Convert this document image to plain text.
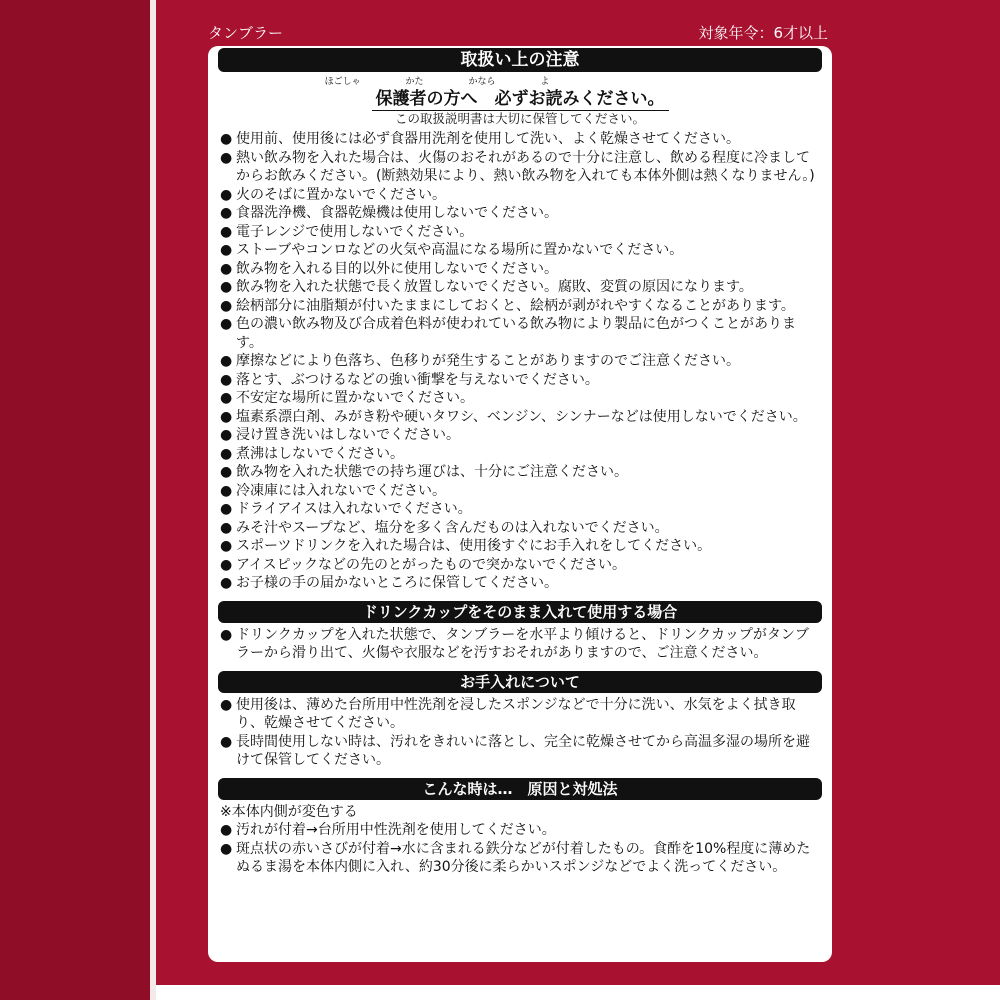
タンブラー	対象年令：6才以上
取扱い上の注意
ほごしゃ	かた	かなら	よ
保護者の方へ　必ずお読みください。
この取扱説明書は大切に保管してください。
● 使用前、使用後には必ず食器用洗剤を使用して洗い、よく乾燥させてください。
● 熱い飲み物を入れた場合は、火傷のおそれがあるので十分に注意し、飲める程度に冷ましてからお飲みください。(断熱効果により、熱い飲み物を入れても本体外側は熱くなりません。)
● 火のそばに置かないでください。
● 食器洗浄機、食器乾燥機は使用しないでください。
● 電子レンジで使用しないでください。
● ストーブやコンロなどの火気や高温になる場所に置かないでください。
● 飲み物を入れる目的以外に使用しないでください。
● 飲み物を入れた状態で長く放置しないでください。腐敗、変質の原因になります。
● 絵柄部分に油脂類が付いたままにしておくと、絵柄が剥がれやすくなることがあります。
● 色の濃い飲み物及び合成着色料が使われている飲み物により製品に色がつくことがあります。
● 摩擦などにより色落ち、色移りが発生することがありますのでご注意ください。
● 落とす、ぶつけるなどの強い衝撃を与えないでください。
● 不安定な場所に置かないでください。
● 塩素系漂白剤、みがき粉や硬いタワシ、ベンジン、シンナーなどは使用しないでください。
● 浸け置き洗いはしないでください。
● 煮沸はしないでください。
● 飲み物を入れた状態での持ち運びは、十分にご注意ください。
● 冷凍庫には入れないでください。
● ドライアイスは入れないでください。
● みそ汁やスープなど、塩分を多く含んだものは入れないでください。
● スポーツドリンクを入れた場合は、使用後すぐにお手入れをしてください。
● アイスピックなどの先のとがったもので突かないでください。
● お子様の手の届かないところに保管してください。
ドリンクカップをそのまま入れて使用する場合
● ドリンクカップを入れた状態で、タンブラーを水平より傾けると、ドリンクカップがタンブラーから滑り出て、火傷や衣服などを汚すおそれがありますので、ご注意ください。
お手入れについて
● 使用後は、薄めた台所用中性洗剤を浸したスポンジなどで十分に洗い、水気をよく拭き取り、乾燥させてください。
● 長時間使用しない時は、汚れをきれいに落とし、完全に乾燥させてから高温多湿の場所を避けて保管してください。
こんな時は…　原因と対処法
※本体内側が変色する
● 汚れが付着→台所用中性洗剤を使用してください。
● 斑点状の赤いさびが付着→水に含まれる鉄分などが付着したもの。食酢を10%程度に薄めたぬるま湯を本体内側に入れ、約30分後に柔らかいスポンジなどでよく洗ってください。
